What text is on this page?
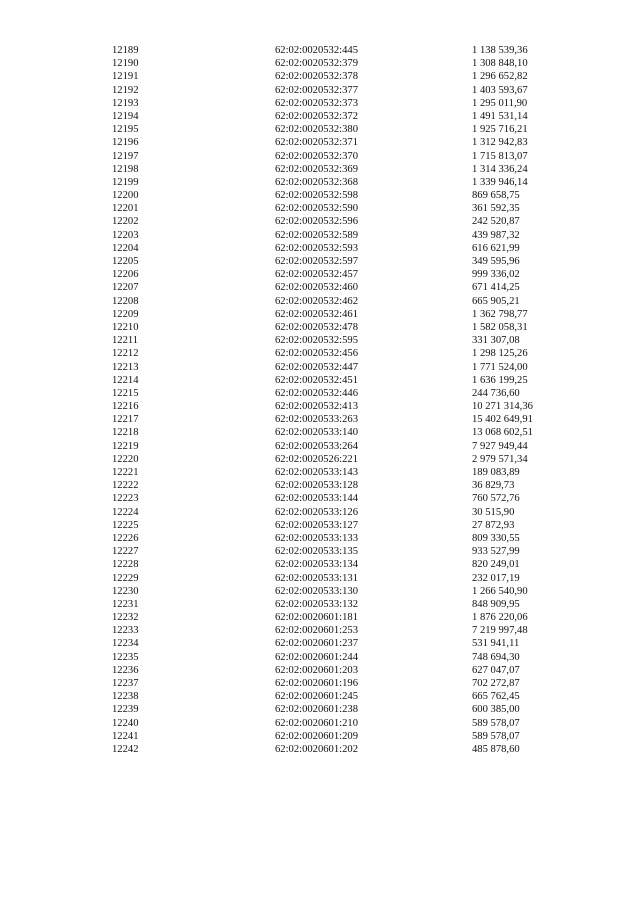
12189	62:02:0020532:445	1 138 539,36
12190	62:02:0020532:379	1 308 848,10
12191	62:02:0020532:378	1 296 652,82
12192	62:02:0020532:377	1 403 593,67
12193	62:02:0020532:373	1 295 011,90
12194	62:02:0020532:372	1 491 531,14
12195	62:02:0020532:380	1 925 716,21
12196	62:02:0020532:371	1 312 942,83
12197	62:02:0020532:370	1 715 813,07
12198	62:02:0020532:369	1 314 336,24
12199	62:02:0020532:368	1 339 946,14
12200	62:02:0020532:598	869 658,75
12201	62:02:0020532:590	361 592,35
12202	62:02:0020532:596	242 520,87
12203	62:02:0020532:589	439 987,32
12204	62:02:0020532:593	616 621,99
12205	62:02:0020532:597	349 595,96
12206	62:02:0020532:457	999 336,02
12207	62:02:0020532:460	671 414,25
12208	62:02:0020532:462	665 905,21
12209	62:02:0020532:461	1 362 798,77
12210	62:02:0020532:478	1 582 058,31
12211	62:02:0020532:595	331 307,08
12212	62:02:0020532:456	1 298 125,26
12213	62:02:0020532:447	1 771 524,00
12214	62:02:0020532:451	1 636 199,25
12215	62:02:0020532:446	244 736,60
12216	62:02:0020532:413	10 271 314,36
12217	62:02:0020533:263	15 402 649,91
12218	62:02:0020533:140	13 068 602,51
12219	62:02:0020533:264	7 927 949,44
12220	62:02:0020526:221	2 979 571,34
12221	62:02:0020533:143	189 083,89
12222	62:02:0020533:128	36 829,73
12223	62:02:0020533:144	760 572,76
12224	62:02:0020533:126	30 515,90
12225	62:02:0020533:127	27 872,93
12226	62:02:0020533:133	809 330,55
12227	62:02:0020533:135	933 527,99
12228	62:02:0020533:134	820 249,01
12229	62:02:0020533:131	232 017,19
12230	62:02:0020533:130	1 266 540,90
12231	62:02:0020533:132	848 909,95
12232	62:02:0020601:181	1 876 220,06
12233	62:02:0020601:253	7 219 997,48
12234	62:02:0020601:237	531 941,11
12235	62:02:0020601:244	748 694,30
12236	62:02:0020601:203	627 047,07
12237	62:02:0020601:196	702 272,87
12238	62:02:0020601:245	665 762,45
12239	62:02:0020601:238	600 385,00
12240	62:02:0020601:210	589 578,07
12241	62:02:0020601:209	589 578,07
12242	62:02:0020601:202	485 878,60
